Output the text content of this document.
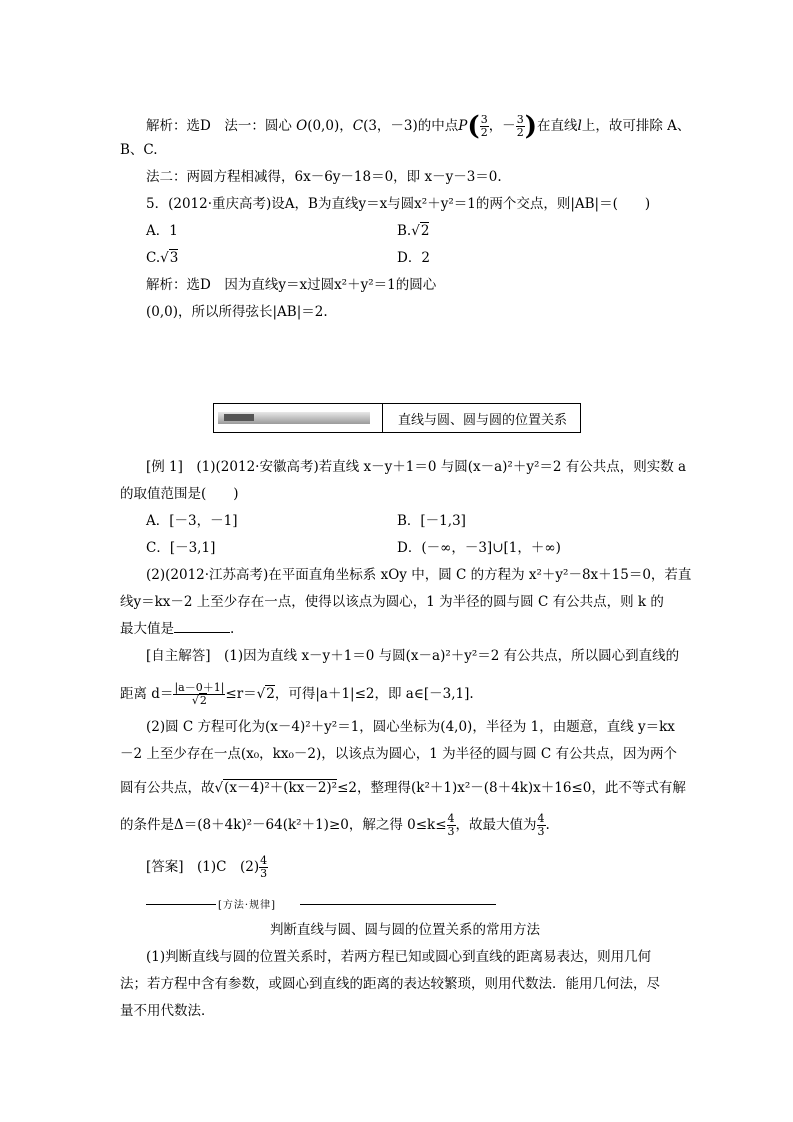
解析：选D　法一：圆心 O(0,0)，C(3，－3)的中点$P( \frac{3}{2}$ ，－ $\frac{3}{2}$ )在直线l上，故可排除 A、
B、C.
法二：两圆方程相减得，6x－6y－18＝0，即 x－y－3＝0.
5．(2012·重庆高考)设A，B为直线y＝x与圆x²＋y²＝1的两个交点，则|AB|＝(　　)
A．1	B.√2
C.√3	D．2
解析：选D　因为直线y＝x过圆x²＋y²＝1的圆心
(0,0)，所以所得弦长|AB|＝2.
直线与圆、圆与圆的位置关系
[例 1]　(1)(2012·安徽高考)若直线 x－y＋1＝0 与圆(x－a)²＋y²＝2 有公共点，则实数 a
的取值范围是(　　)
A．[－3，－1]	B．[－1,3]
C．[－3,1]	D．(－∞，－3]∪[1，＋∞)
(2)(2012·江苏高考)在平面直角坐标系 xOy 中，圆 C 的方程为 x²＋y²－8x＋15＝0，若直
线y＝kx－2 上至少存在一点，使得以该点为圆心，1 为半径的圆与圆 C 有公共点，则 k 的
最大值是	.
[自主解答]　(1)因为直线 x－y＋1＝0 与圆(x－a)²＋y²＝2 有公共点，所以圆心到直线的
距离 $d= \frac{|a-0+1|}{√2} \le r=√2$，可得|a＋1|≤2，即 a∈[－3,1].
(2)圆 C 方程可化为(x－4)²＋y²＝1，圆心坐标为(4,0)，半径为 1，由题意，直线 y＝kx
－2 上至少存在一点(x₀，kx₀－2)，以该点为圆心，1 为半径的圆与圆 C 有公共点，因为两个
圆有公共点，故√(x－4)²＋(kx－2)²≤2，整理得(k²＋1)x²－(8＋4k)x＋16≤0，此不等式有解
的条件是Δ＝(8＋4k)²－64(k²＋1)≥0，解之得 $0\le k\le \frac{4}{3}$ ，故最大值为 $\frac{4}{3}$ .
[答案]　(1)C　$(2) \frac{4}{3}$
[方法·规律]
判断直线与圆、圆与圆的位置关系的常用方法
(1)判断直线与圆的位置关系时，若两方程已知或圆心到直线的距离易表达，则用几何
法；若方程中含有参数，或圆心到直线的距离的表达较繁琐，则用代数法．能用几何法，尽
量不用代数法．
